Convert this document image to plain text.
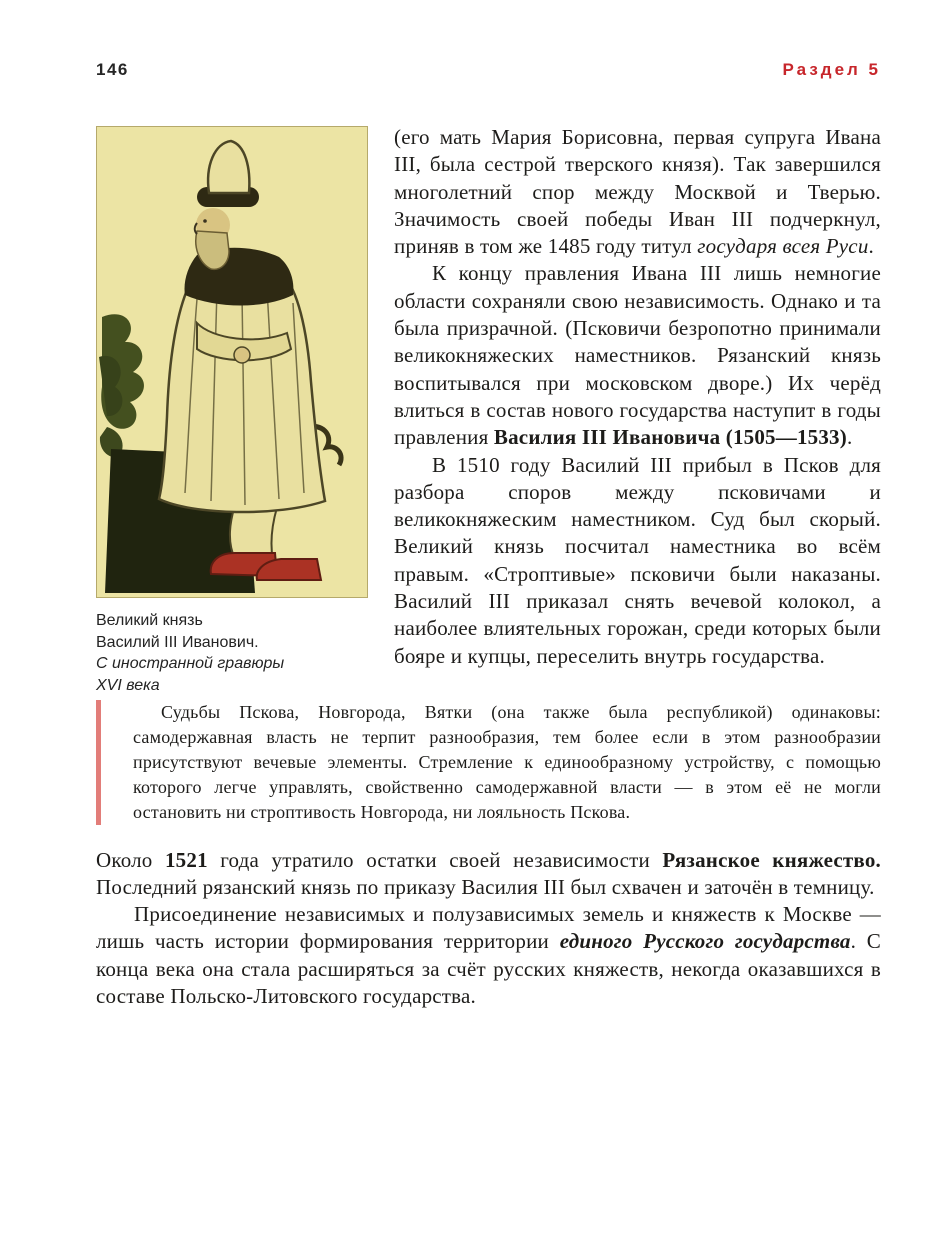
146	Раздел 5
Великий князь
Василий III Иванович.
С иностранной гравюры
XVI века

(его мать Мария Борисовна, первая супруга Ивана III, была сестрой тверского князя). Так завершился многолетний спор между Москвой и Тверью. Значимость своей победы Иван III подчеркнул, приняв в том же 1485 году титул государя всея Руси.

К концу правления Ивана III лишь немногие области сохраняли свою независимость. Однако и та была призрачной. (Псковичи безропотно принимали великокняжеских наместников. Рязанский князь воспитывался при московском дворе.) Их черёд влиться в состав нового государства наступит в годы правления Василия III Ивановича (1505—1533).

В 1510 году Василий III прибыл в Псков для разбора споров между псковичами и великокняжеским наместником. Суд был скорый. Великий князь посчитал наместника во всём правым. «Строптивые» псковичи были наказаны. Василий III приказал снять вечевой колокол, а наиболее влиятельных горожан, среди которых были бояре и купцы, переселить внутрь государства.

Судьбы Пскова, Новгорода, Вятки (она также была республикой) одинаковы: самодержавная власть не терпит разнообразия, тем более если в этом разнообразии присутствуют вечевые элементы. Стремление к единообразному устройству, с помощью которого легче управлять, свойственно самодержавной власти — в этом её не могли остановить ни строптивость Новгорода, ни лояльность Пскова.

Около 1521 года утратило остатки своей независимости Рязанское княжество. Последний рязанский князь по приказу Василия III был схвачен и заточён в темницу.

Присоединение независимых и полузависимых земель и княжеств к Москве — лишь часть истории формирования территории единого Русского государства. С конца века она стала расширяться за счёт русских княжеств, некогда оказавшихся в составе Польско-Литовского государства.
